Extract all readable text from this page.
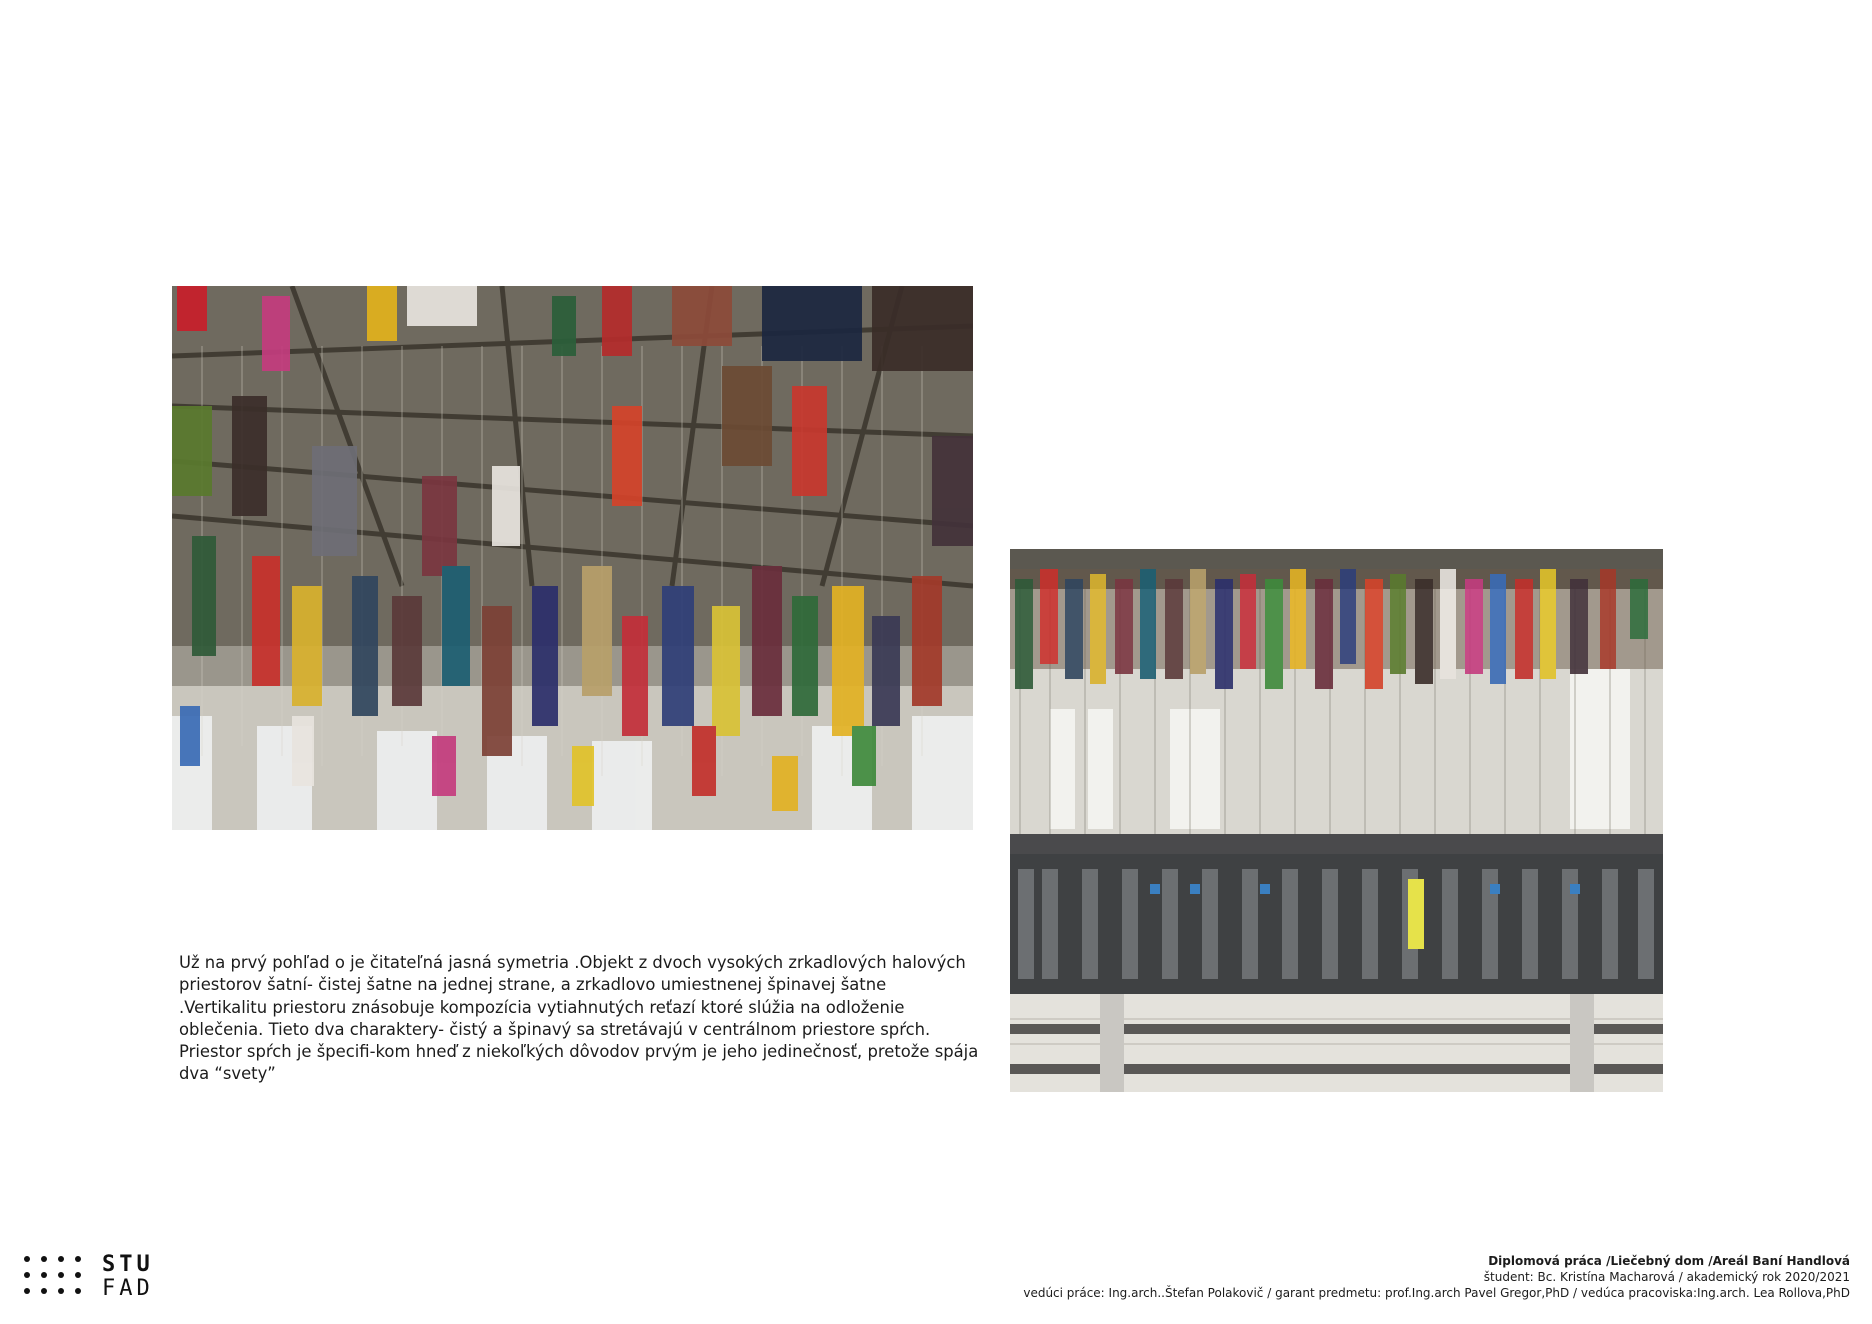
Už na prvý pohľad o je čitateľná jasná symetria .Objekt z dvoch vysokých zrkadlových halových priestorov šatní- čistej šatne na jednej strane, a zrkadlovo umiestnenej špinavej šatne .Vertikalitu priestoru znásobuje kompozícia vytiahnutých reťazí ktoré slúžia na odloženie oblečenia. Tieto dva charaktery- čistý a špinavý sa stretávajú v centrálnom priestore spŕch. Priestor spŕch je špecifi-kom hneď z niekoľkých dôvodov prvým je jeho jedinečnosť, pretože spája dva “svety”

STU
FAD
Diplomová práca /Liečebný dom /Areál Baní Handlová
študent: Bc. Kristína Macharová / akademický rok 2020/2021
vedúci práce: Ing.arch..Štefan Polakovič / garant predmetu: prof.Ing.arch Pavel Gregor,PhD / vedúca pracoviska:Ing.arch. Lea Rollova,PhD
